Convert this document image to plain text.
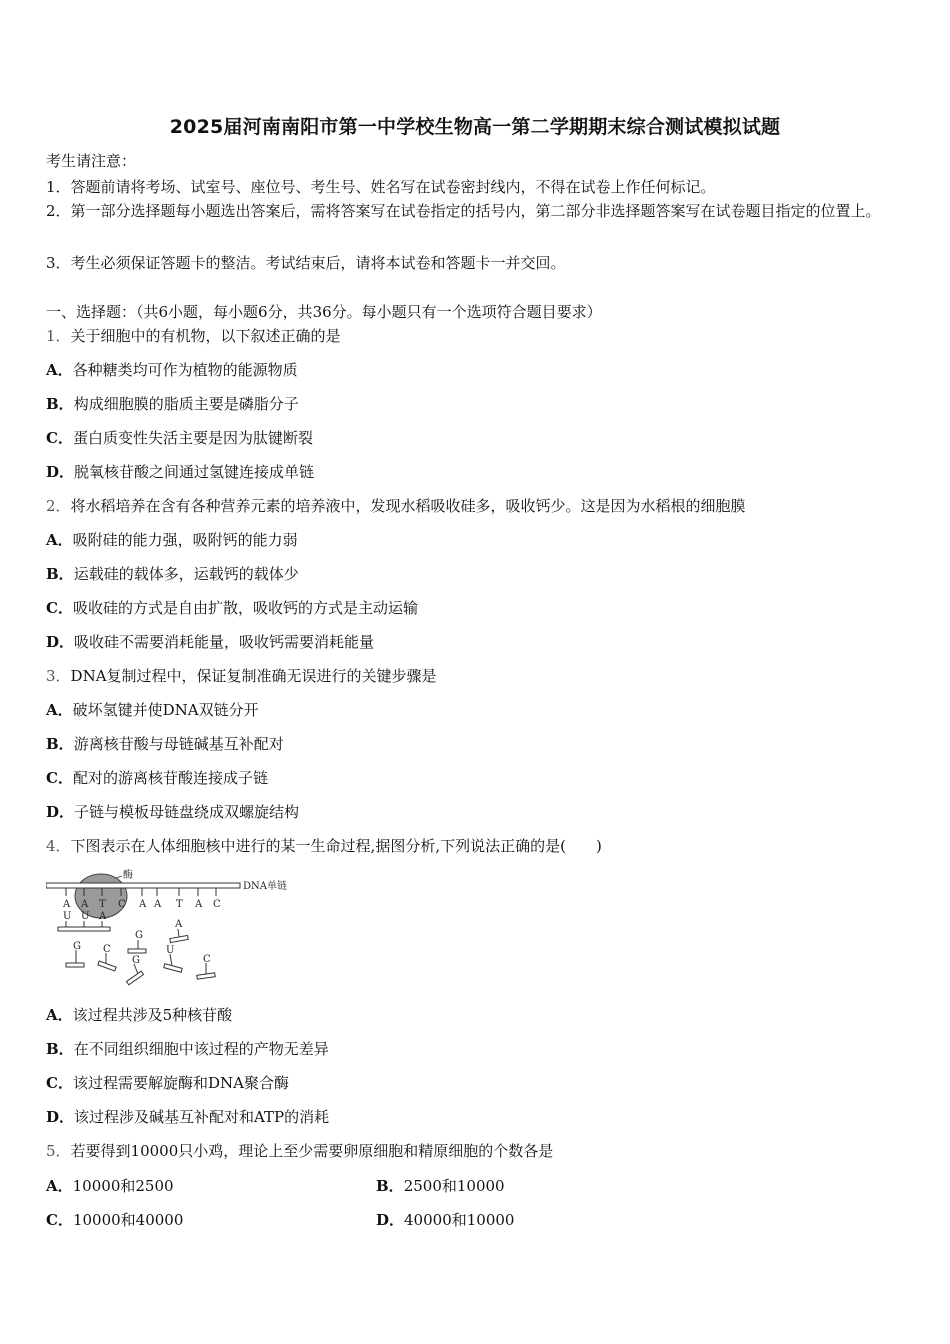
2025届河南南阳市第一中学校生物高一第二学期期末综合测试模拟试题
考生请注意：
1．答题前请将考场、试室号、座位号、考生号、姓名写在试卷密封线内，不得在试卷上作任何标记。
2．第一部分选择题每小题选出答案后，需将答案写在试卷指定的括号内，第二部分非选择题答案写在试卷题目指定的位置上。
3．考生必须保证答题卡的整洁。考试结束后，请将本试卷和答题卡一并交回。
一、选择题：（共6小题，每小题6分，共36分。每小题只有一个选项符合题目要求）
1．关于细胞中的有机物，以下叙述正确的是
A．各种糖类均可作为植物的能源物质
B．构成细胞膜的脂质主要是磷脂分子
C．蛋白质变性失活主要是因为肽键断裂
D．脱氧核苷酸之间通过氢键连接成单链
2．将水稻培养在含有各种营养元素的培养液中，发现水稻吸收硅多，吸收钙少。这是因为水稻根的细胞膜
A．吸附硅的能力强，吸附钙的能力弱
B．运载硅的载体多，运载钙的载体少
C．吸收硅的方式是自由扩散，吸收钙的方式是主动运输
D．吸收硅不需要消耗能量，吸收钙需要消耗能量
3．DNA复制过程中，保证复制准确无误进行的关键步骤是
A．破坏氢键并使DNA双链分开
B．游离核苷酸与母链碱基互补配对
C．配对的游离核苷酸连接成子链
D．子链与模板母链盘绕成双螺旋结构
4．下图表示在人体细胞核中进行的某一生命过程,据图分析,下列说法正确的是(　　)
酶
DNA单链
A A T C A A T A C
U U A
G
A
G C
G
U
C
A．该过程共涉及5种核苷酸
B．在不同组织细胞中该过程的产物无差异
C．该过程需要解旋酶和DNA聚合酶
D．该过程涉及碱基互补配对和ATP的消耗
5．若要得到10000只小鸡，理论上至少需要卵原细胞和精原细胞的个数各是
A．10000和2500	B．2500和10000
C．10000和40000	D．40000和10000
